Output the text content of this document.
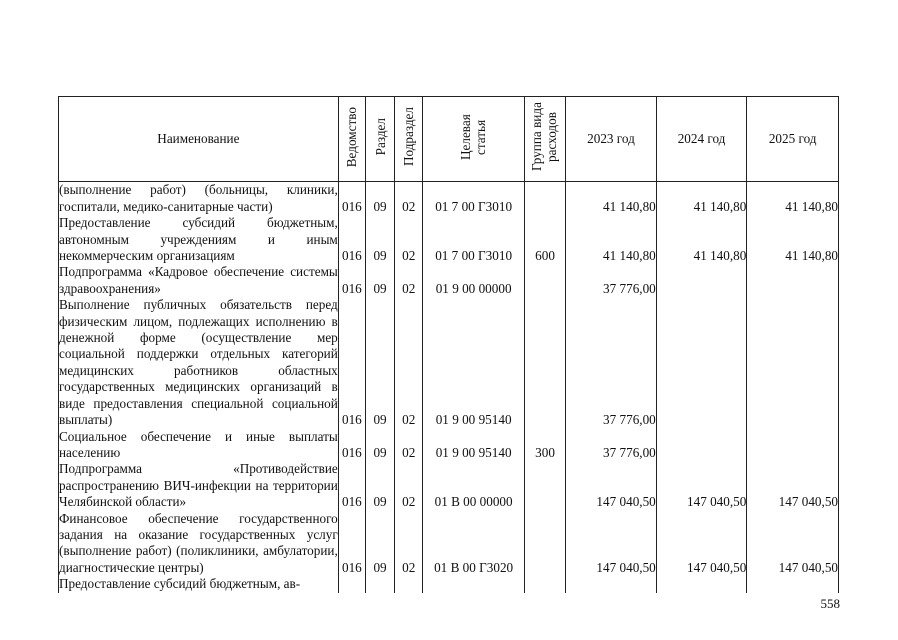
Наименование	Ведомство	Раздел	Подраздел	Целевая статья	Группа вида расходов	2023 год	2024 год	2025 год
(выполнение работ) (больницы, клиники, госпитали, медико-санитарные части)	016	09	02	01 7 00 Г3010		41 140,80	41 140,80	41 140,80
Предоставление субсидий бюджетным, автономным учреждениям и иным некоммерческим организациям	016	09	02	01 7 00 Г3010	600	41 140,80	41 140,80	41 140,80
Подпрограмма «Кадровое обеспечение системы здравоохранения»	016	09	02	01 9 00 00000		37 776,00		
Выполнение публичных обязательств перед физическим лицом, подлежащих исполнению в денежной форме (осуществление мер социальной поддержки отдельных категорий медицинских работников областных государственных медицинских организаций в виде предоставления специальной социальной выплаты)	016	09	02	01 9 00 95140		37 776,00		
Социальное обеспечение и иные выплаты населению	016	09	02	01 9 00 95140	300	37 776,00		
Подпрограмма «Противодействие распространению ВИЧ-инфекции на территории Челябинской области»	016	09	02	01 В 00 00000		147 040,50	147 040,50	147 040,50
Финансовое обеспечение государственного задания на оказание государственных услуг (выполнение работ) (поликлиники, амбулатории, диагностические центры)	016	09	02	01 В 00 Г3020		147 040,50	147 040,50	147 040,50
Предоставление субсидий бюджетным, ав-								
558
